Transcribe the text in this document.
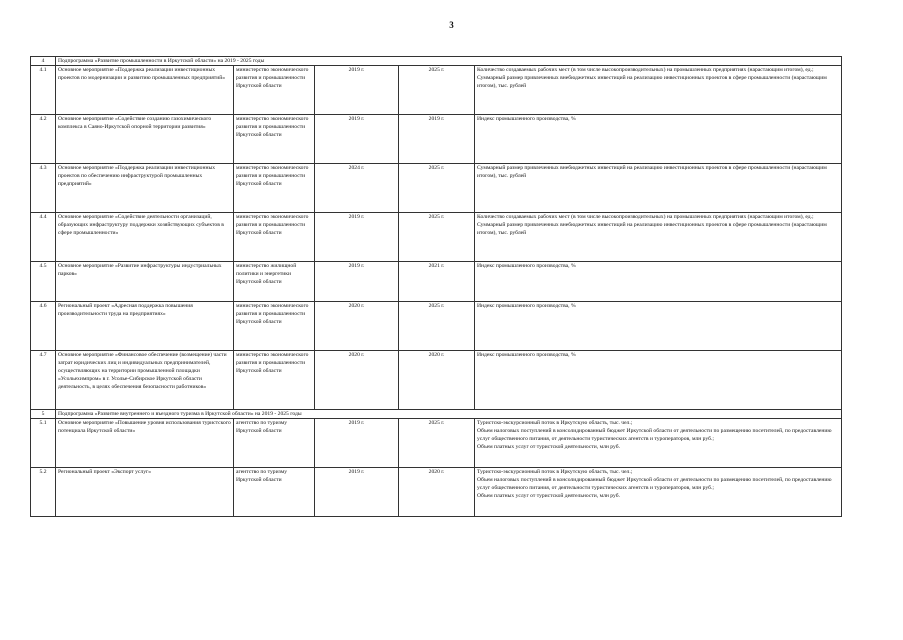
3
4	Подпрограмма «Развитие промышленности в Иркутской области» на 2019 - 2025 годы				
4.1	Основное мероприятие «Поддержка реализации инвестиционных проектов по модернизации и развитию промышленных предприятий»	министерство экономического развития и промышленности Иркутской области	2019 г.	2025 г.	Количество создаваемых рабочих мест (в том числе высокопроизводительных) на промышленных предприятиях (нарастающим итогом), ед.;
Суммарный размер привлеченных внебюджетных инвестиций на реализацию инвестиционных проектов в сфере промышленности (нарастающим итогом), тыс. рублей

4.2	Основное мероприятие «Содействие созданию газохимического комплекса в Саяно-Иркутской опорной территории развития»	министерство экономического развития и промышленности Иркутской области	2019 г.	2019 г.	Индекс промышленного производства, %

4.3	Основное мероприятие «Поддержка реализации инвестиционных проектов по обеспечению инфраструктурой промышленных предприятий»	министерство экономического развития и промышленности Иркутской области	2024 г.	2025 г.	Суммарный размер привлеченных внебюджетных инвестиций на реализацию инвестиционных проектов в сфере промышленности (нарастающим итогом), тыс. рублей

4.4	Основное мероприятие «Содействие деятельности организаций, образующих инфраструктуру поддержки хозяйствующих субъектов в сфере промышленности»	министерство экономического развития и промышленности Иркутской области	2019 г.	2025 г.	Количество создаваемых рабочих мест (в том числе высокопроизводительных) на промышленных предприятиях (нарастающим итогом), ед.;
Суммарный размер привлеченных внебюджетных инвестиций на реализацию инвестиционных проектов в сфере промышленности (нарастающим итогом), тыс. рублей

4.5	Основное мероприятие «Развитие инфраструктуры индустриальных парков»	министерство жилищной политики и энергетики Иркутской области	2019 г.	2021 г.	Индекс промышленного производства, %

4.6	Региональный проект «Адресная поддержка повышения производительности труда на предприятиях»	министерство экономического развития и промышленности Иркутской области	2020 г.	2025 г.	Индекс промышленного производства, %

4.7	Основное мероприятие «Финансовое обеспечение (возмещение) части затрат юридических лиц и индивидуальных предпринимателей, осуществляющих на территории промышленной площадки «Усольехимпром» в г. Усолье-Сибирское Иркутской области деятельность, в целях обеспечения безопасности работников»	министерство экономического развития и промышленности Иркутской области	2020 г.	2020 г.	Индекс промышленного производства, %

5	Подпрограмма «Развитие внутреннего и въездного туризма в Иркутской области» на 2019 - 2025 годы				
5.1	Основное мероприятие «Повышение уровня использования туристского потенциала Иркутской области»	агентство по туризму Иркутской области	2019 г.	2025 г.	Туристско-экскурсионный поток в Иркутскую область, тыс. чел.;
Объем налоговых поступлений в консолидированный бюджет Иркутской области от деятельности по размещению посетителей, по предоставлению услуг общественного питания, от деятельности туристических агентств и туроператоров, млн руб.;
Объем платных услуг от туристской деятельности, млн руб.

5.2	Региональный проект «Экспорт услуг»	агентство по туризму Иркутской области	2019 г.	2020 г.	Туристско-экскурсионный поток в Иркутскую область, тыс. чел.;
Объем налоговых поступлений в консолидированный бюджет Иркутской области от деятельности по размещению посетителей, по предоставлению услуг общественного питания, от деятельности туристических агентств и туроператоров, млн руб.;
Объем платных услуг от туристской деятельности, млн руб.
